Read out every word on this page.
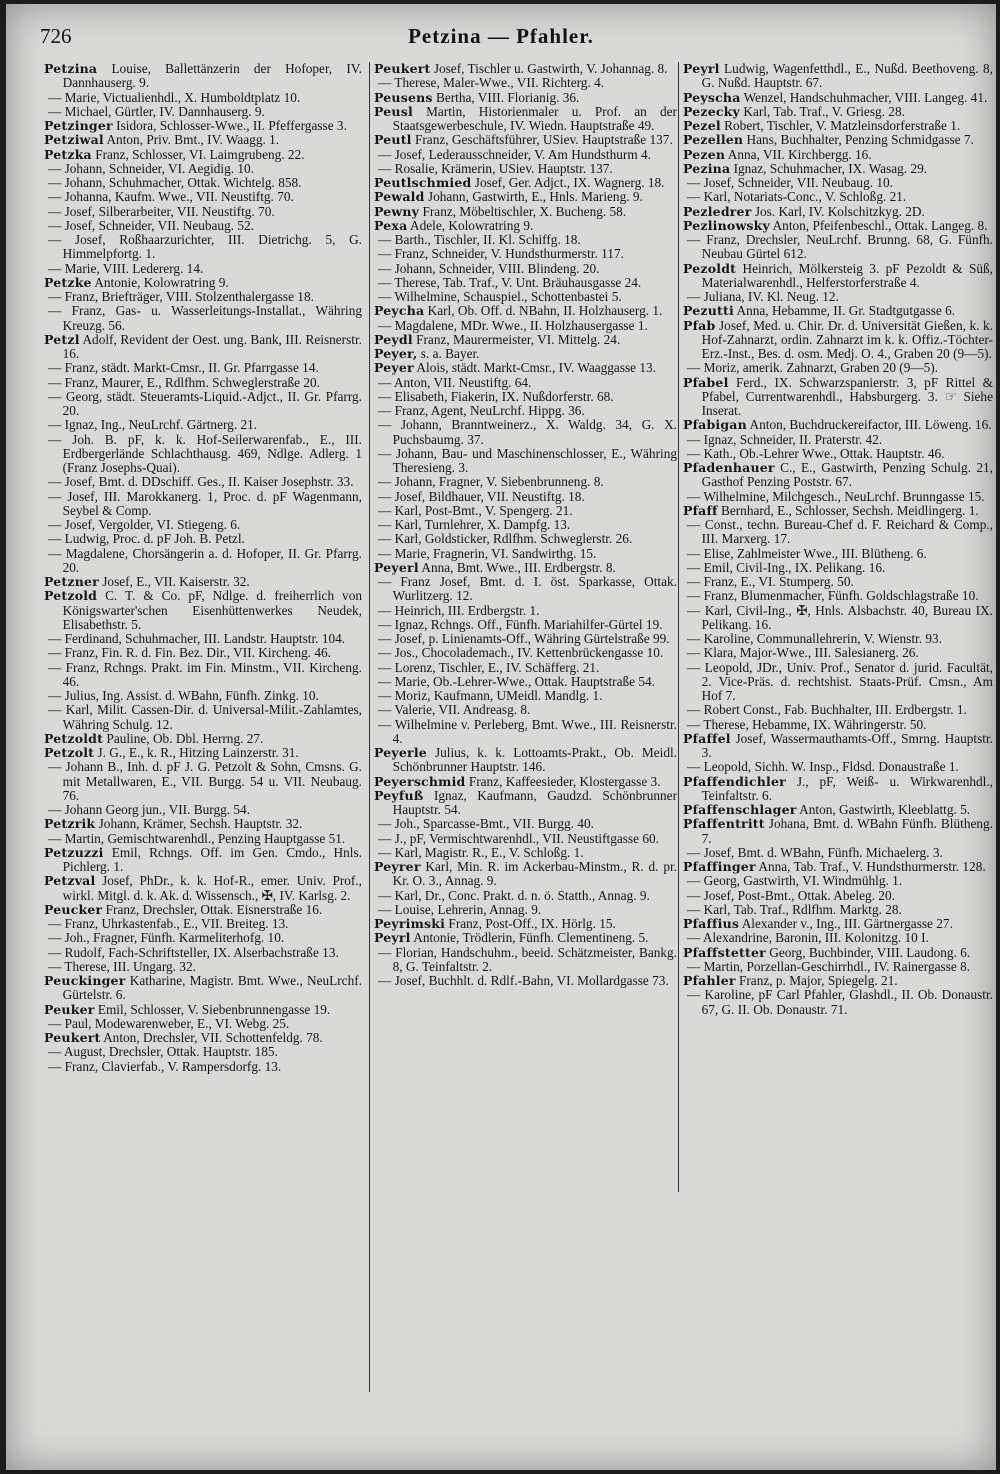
726	Petzina — Pfahler.
Petzina Louise, Ballettänzerin der Hofoper, IV. Dannhauserg. 9.
— Marie, Victualienhdl., X. Humboldtplatz 10.
— Michael, Gürtler, IV. Dannhauserg. 9.
Petzinger Isidora, Schlosser-Wwe., II. Pfeffergasse 3.
Petziwal Anton, Priv. Bmt., IV. Waagg. 1.
Petzka Franz, Schlosser, VI. Laimgrubeng. 22.
— Johann, Schneider, VI. Aegidig. 10.
— Johann, Schuhmacher, Ottak. Wichtelg. 858.
— Johanna, Kaufm. Wwe., VII. Neustiftg. 70.
— Josef, Silberarbeiter, VII. Neustiftg. 70.
— Josef, Schneider, VII. Neubaug. 52.
— Josef, Roßhaarzurichter, III. Dietrichg. 5, G. Himmelpfortg. 1.
— Marie, VIII. Ledererg. 14.
Petzke Antonie, Kolowratring 9.
— Franz, Briefträger, VIII. Stolzenthalergasse 18.
— Franz, Gas- u. Wasserleitungs-Installat., Währing Kreuzg. 56.
Petzl Adolf, Revident der Oest. ung. Bank, III. Reisnerstr. 16.
— Franz, städt. Markt-Cmsr., II. Gr. Pfarrgasse 14.
— Franz, Maurer, E., Rdlfhm. Schweglerstraße 20.
— Georg, städt. Steueramts-Liquid.-Adjct., II. Gr. Pfarrg. 20.
— Ignaz, Ing., NeuLrchf. Gärtnerg. 21.
— Joh. B. pF, k. k. Hof-Seilerwarenfab., E., III. Erdbergerlände Schlachthausg. 469, Ndlge. Adlerg. 1 (Franz Josephs-Quai).
— Josef, Bmt. d. DDschiff. Ges., II. Kaiser Josephstr. 33.
— Josef, III. Marokkanerg. 1, Proc. d. pF Wagenmann, Seybel & Comp.
— Josef, Vergolder, VI. Stiegeng. 6.
— Ludwig, Proc. d. pF Joh. B. Petzl.
— Magdalene, Chorsängerin a. d. Hofoper, II. Gr. Pfarrg. 20.
Petzner Josef, E., VII. Kaiserstr. 32.
Petzold C. T. & Co. pF, Ndlge. d. freiherrlich von Königswarter'schen Eisenhüttenwerkes Neudek, Elisabethstr. 5.
— Ferdinand, Schuhmacher, III. Landstr. Hauptstr. 104.
— Franz, Fin. R. d. Fin. Bez. Dir., VII. Kircheng. 46.
— Franz, Rchngs. Prakt. im Fin. Minstm., VII. Kircheng. 46.
— Julius, Ing. Assist. d. WBahn, Fünfh. Zinkg. 10.
— Karl, Milit. Cassen-Dir. d. Universal-Milit.-Zahlamtes, Währing Schulg. 12.
Petzoldt Pauline, Ob. Dbl. Herrng. 27.
Petzolt J. G., E., k. R., Hitzing Lainzerstr. 31.
— Johann B., Inh. d. pF J. G. Petzolt & Sohn, Cmsns. G. mit Metallwaren, E., VII. Burgg. 54 u. VII. Neubaug. 76.
— Johann Georg jun., VII. Burgg. 54.
Petzrik Johann, Krämer, Sechsh. Hauptstr. 32.
— Martin, Gemischtwarenhdl., Penzing Hauptgasse 51.
Petzuzzi Emil, Rchngs. Off. im Gen. Cmdo., Hnls. Pichlerg. 1.
Petzval Josef, PhDr., k. k. Hof-R., emer. Univ. Prof., wirkl. Mitgl. d. k. Ak. d. Wissensch., ✠, IV. Karlsg. 2.
Peucker Franz, Drechsler, Ottak. Eisnerstraße 16.
— Franz, Uhrkastenfab., E., VII. Breiteg. 13.
— Joh., Fragner, Fünfh. Karmeliterhofg. 10.
— Rudolf, Fach-Schriftsteller, IX. Alserbachstraße 13.
— Therese, III. Ungarg. 32.
Peuckinger Katharine, Magistr. Bmt. Wwe., NeuLrchf. Gürtelstr. 6.
Peuker Emil, Schlosser, V. Siebenbrunnengasse 19.
— Paul, Modewarenweber, E., VI. Webg. 25.
Peukert Anton, Drechsler, VII. Schottenfeldg. 78.
— August, Drechsler, Ottak. Hauptstr. 185.
— Franz, Clavierfab., V. Rampersdorfg. 13.
Peukert Josef, Tischler u. Gastwirth, V. Johannag. 8.
— Therese, Maler-Wwe., VII. Richterg. 4.
Peusens Bertha, VIII. Florianig. 36.
Peusl Martin, Historienmaler u. Prof. an der Staatsgewerbeschule, IV. Wiedn. Hauptstraße 49.
Peutl Franz, Geschäftsführer, USiev. Hauptstraße 137.
— Josef, Lederausschneider, V. Am Hundsthurm 4.
— Rosalie, Krämerin, USiev. Hauptstr. 137.
Peutlschmied Josef, Ger. Adjct., IX. Wagnerg. 18.
Pewald Johann, Gastwirth, E., Hnls. Marieng. 9.
Pewny Franz, Möbeltischler, X. Bucheng. 58.
Pexa Adele, Kolowratring 9.
— Barth., Tischler, II. Kl. Schiffg. 18.
— Franz, Schneider, V. Hundsthurmerstr. 117.
— Johann, Schneider, VIII. Blindeng. 20.
— Therese, Tab. Traf., V. Unt. Bräuhausgasse 24.
— Wilhelmine, Schauspiel., Schottenbastei 5.
Peycha Karl, Ob. Off. d. NBahn, II. Holzhauserg. 1.
— Magdalene, MDr. Wwe., II. Holzhausergasse 1.
Peydl Franz, Maurermeister, VI. Mittelg. 24.
Peyer, s. a. Bayer.
Peyer Alois, städt. Markt-Cmsr., IV. Waaggasse 13.
— Anton, VII. Neustiftg. 64.
— Elisabeth, Fiakerin, IX. Nußdorferstr. 68.
— Franz, Agent, NeuLrchf. Hippg. 36.
— Johann, Branntweinerz., X. Waldg. 34, G. X. Puchsbaumg. 37.
— Johann, Bau- und Maschinenschlosser, E., Währing Theresieng. 3.
— Johann, Fragner, V. Siebenbrunneng. 8.
— Josef, Bildhauer, VII. Neustiftg. 18.
— Karl, Post-Bmt., V. Spengerg. 21.
— Karl, Turnlehrer, X. Dampfg. 13.
— Karl, Goldsticker, Rdlfhm. Schweglerstr. 26.
— Marie, Fragnerin, VI. Sandwirthg. 15.
Peyerl Anna, Bmt. Wwe., III. Erdbergstr. 8.
— Franz Josef, Bmt. d. I. öst. Sparkasse, Ottak. Wurlitzerg. 12.
— Heinrich, III. Erdbergstr. 1.
— Ignaz, Rchngs. Off., Fünfh. Mariahilfer-Gürtel 19.
— Josef, p. Linienamts-Off., Währing Gürtelstraße 99.
— Jos., Chocolademach., IV. Kettenbrückengasse 10.
— Lorenz, Tischler, E., IV. Schäfferg. 21.
— Marie, Ob.-Lehrer-Wwe., Ottak. Hauptstraße 54.
— Moriz, Kaufmann, UMeidl. Mandlg. 1.
— Valerie, VII. Andreasg. 8.
— Wilhelmine v. Perleberg, Bmt. Wwe., III. Reisnerstr. 4.
Peyerle Julius, k. k. Lottoamts-Prakt., Ob. Meidl. Schönbrunner Hauptstr. 146.
Peyerschmid Franz, Kaffeesieder, Klostergasse 3.
Peyfuß Ignaz, Kaufmann, Gaudzd. Schönbrunner Hauptstr. 54.
— Joh., Sparcasse-Bmt., VII. Burgg. 40.
— J., pF, Vermischtwarenhdl., VII. Neustiftgasse 60.
— Karl, Magistr. R., E., V. Schloßg. 1.
Peyrer Karl, Min. R. im Ackerbau-Minstm., R. d. pr. Kr. O. 3., Annag. 9.
— Karl, Dr., Conc. Prakt. d. n. ö. Statth., Annag. 9.
— Louise, Lehrerin, Annag. 9.
Peyrimski Franz, Post-Off., IX. Hörlg. 15.
Peyrl Antonie, Trödlerin, Fünfh. Clementineng. 5.
— Florian, Handschuhm., beeid. Schätzmeister, Bankg. 8, G. Teinfaltstr. 2.
— Josef, Buchhlt. d. Rdlf.-Bahn, VI. Mollardgasse 73.
Peyrl Ludwig, Wagenfetthdl., E., Nußd. Beethoveng. 8, G. Nußd. Hauptstr. 67.
Peyscha Wenzel, Handschuhmacher, VIII. Langeg. 41.
Pezecky Karl, Tab. Traf., V. Griesg. 28.
Pezel Robert, Tischler, V. Matzleinsdorferstraße 1.
Pezellen Hans, Buchhalter, Penzing Schmidgasse 7.
Pezen Anna, VII. Kirchbergg. 16.
Pezina Ignaz, Schuhmacher, IX. Wasag. 29.
— Josef, Schneider, VII. Neubaug. 10.
— Karl, Notariats-Conc., V. Schloßg. 21.
Pezledrer Jos. Karl, IV. Kolschitzkyg. 2D.
Pezlinowsky Anton, Pfeifenbeschl., Ottak. Langeg. 8.
— Franz, Drechsler, NeuLrchf. Brunng. 68, G. Fünfh. Neubau Gürtel 612.
Pezoldt Heinrich, Mölkersteig 3. pF Pezoldt & Süß, Materialwarenhdl., Helferstorferstraße 4.
— Juliana, IV. Kl. Neug. 12.
Pezutti Anna, Hebamme, II. Gr. Stadtgutgasse 6.
Pfab Josef, Med. u. Chir. Dr. d. Universität Gießen, k. k. Hof-Zahnarzt, ordin. Zahnarzt im k. k. Offiz.-Töchter-Erz.-Inst., Bes. d. osm. Medj. O. 4., Graben 20 (9—5).
— Moriz, amerik. Zahnarzt, Graben 20 (9—5).
Pfabel Ferd., IX. Schwarzspanierstr. 3, pF Rittel & Pfabel, Currentwarenhdl., Habsburgerg. 3. ☞ Siehe Inserat.
Pfabigan Anton, Buchdruckereifactor, III. Löweng. 16.
— Ignaz, Schneider, II. Praterstr. 42.
— Kath., Ob.-Lehrer Wwe., Ottak. Hauptstr. 46.
Pfadenhauer C., E., Gastwirth, Penzing Schulg. 21, Gasthof Penzing Poststr. 67.
— Wilhelmine, Milchgesch., NeuLrchf. Brunngasse 15.
Pfaff Bernhard, E., Schlosser, Sechsh. Meidlingerg. 1.
— Const., techn. Bureau-Chef d. F. Reichard & Comp., III. Marxerg. 17.
— Elise, Zahlmeister Wwe., III. Blütheng. 6.
— Emil, Civil-Ing., IX. Pelikang. 16.
— Franz, E., VI. Stumperg. 50.
— Franz, Blumenmacher, Fünfh. Goldschlagstraße 10.
— Karl, Civil-Ing., ✠, Hnls. Alsbachstr. 40, Bureau IX. Pelikang. 16.
— Karoline, Communallehrerin, V. Wienstr. 93.
— Klara, Major-Wwe., III. Salesianerg. 26.
— Leopold, JDr., Univ. Prof., Senator d. jurid. Facultät, 2. Vice-Präs. d. rechtshist. Staats-Prüf. Cmsn., Am Hof 7.
— Robert Const., Fab. Buchhalter, III. Erdbergstr. 1.
— Therese, Hebamme, IX. Währingerstr. 50.
Pfaffel Josef, Wassermauthamts-Off., Smrng. Hauptstr. 3.
— Leopold, Sichh. W. Insp., Fldsd. Donaustraße 1.
Pfaffendichler J., pF, Weiß- u. Wirkwarenhdl., Teinfaltstr. 6.
Pfaffenschlager Anton, Gastwirth, Kleeblattg. 5.
Pfaffentritt Johana, Bmt. d. WBahn Fünfh. Blütheng. 7.
— Josef, Bmt. d. WBahn, Fünfh. Michaelerg. 3.
Pfaffinger Anna, Tab. Traf., V. Hundsthurmerstr. 128.
— Georg, Gastwirth, VI. Windmühlg. 1.
— Josef, Post-Bmt., Ottak. Abeleg. 20.
— Karl, Tab. Traf., Rdlfhm. Marktg. 28.
Pfaffius Alexander v., Ing., III. Gärtnergasse 27.
— Alexandrine, Baronin, III. Kolonitzg. 10 I.
Pfaffstetter Georg, Buchbinder, VIII. Laudong. 6.
— Martin, Porzellan-Geschirrhdl., IV. Rainergasse 8.
Pfahler Franz, p. Major, Spiegelg. 21.
— Karoline, pF Carl Pfahler, Glashdl., II. Ob. Donaustr. 67, G. II. Ob. Donaustr. 71.
